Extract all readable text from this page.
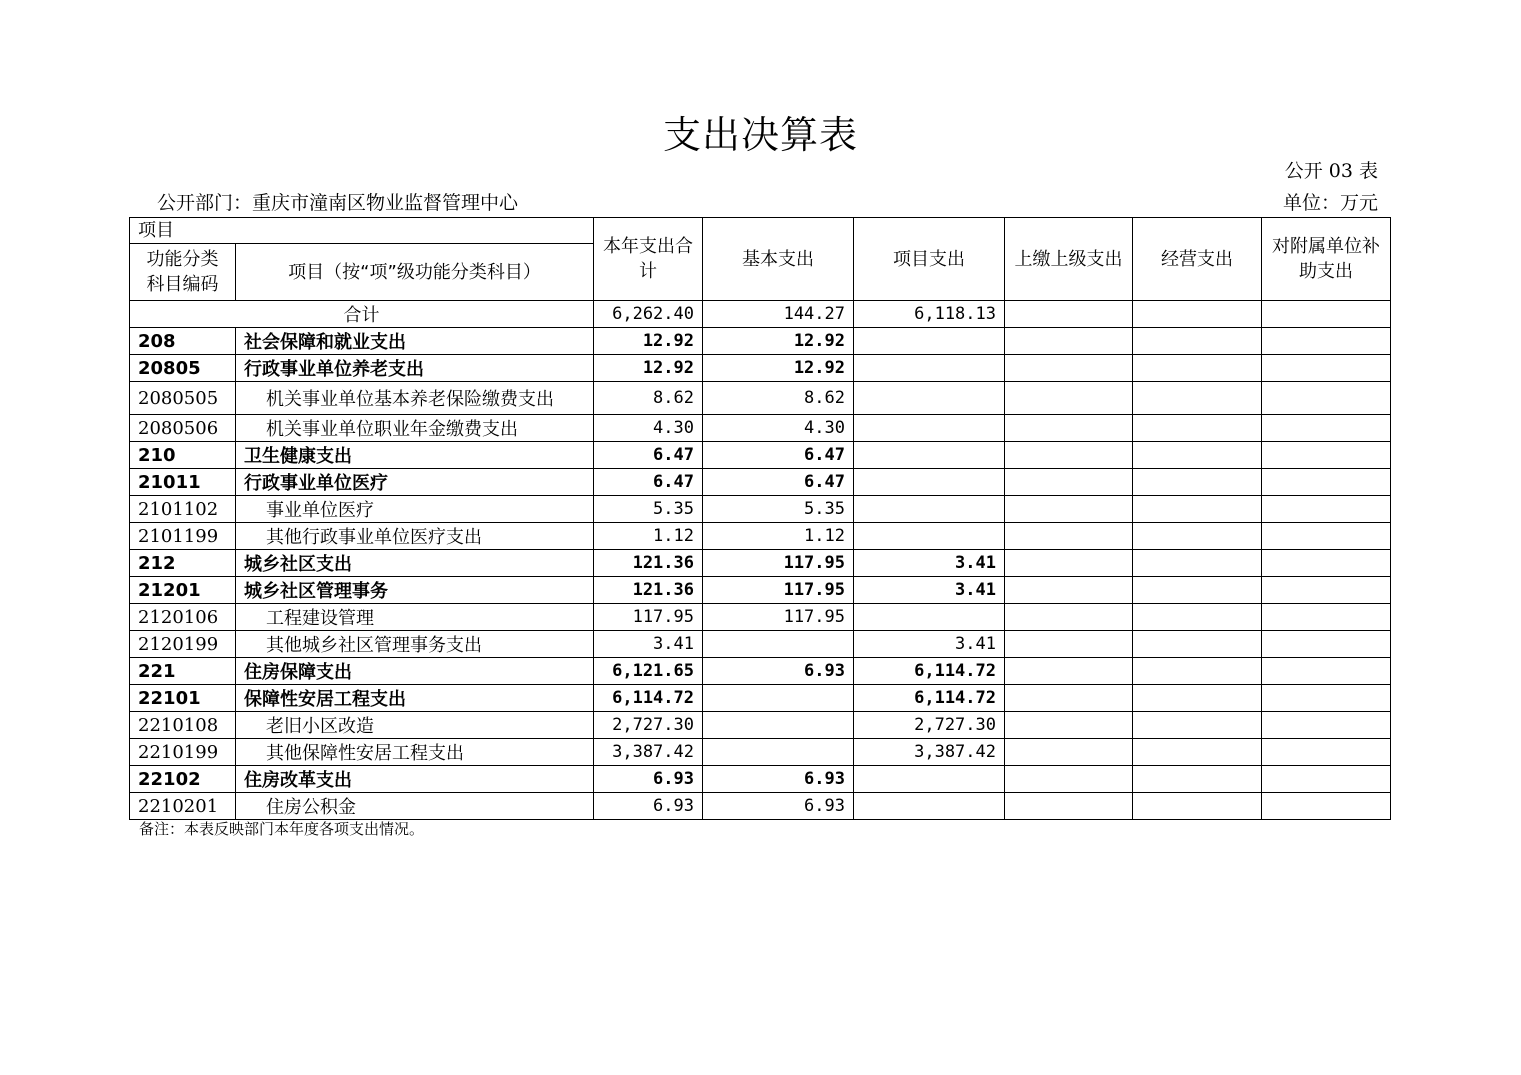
支出决算表
公开 03 表
公开部门：重庆市潼南区物业监督管理中心	单位：万元
项目		本年支出合计	基本支出	项目支出	上缴上级支出	经营支出	对附属单位补助支出
功能分类科目编码	项目（按“项”级功能分类科目）						
合计		6,262.40	144.27	6,118.13			
208	社会保障和就业支出	12.92	12.92				
20805	行政事业单位养老支出	12.92	12.92				
2080505	机关事业单位基本养老保险缴费支出	8.62	8.62				
2080506	机关事业单位职业年金缴费支出	4.30	4.30				
210	卫生健康支出	6.47	6.47				
21011	行政事业单位医疗	6.47	6.47				
2101102	事业单位医疗	5.35	5.35				
2101199	其他行政事业单位医疗支出	1.12	1.12				
212	城乡社区支出	121.36	117.95	3.41			
21201	城乡社区管理事务	121.36	117.95	3.41			
2120106	工程建设管理	117.95	117.95				
2120199	其他城乡社区管理事务支出	3.41		3.41			
221	住房保障支出	6,121.65	6.93	6,114.72			
22101	保障性安居工程支出	6,114.72		6,114.72			
2210108	老旧小区改造	2,727.30		2,727.30			
2210199	其他保障性安居工程支出	3,387.42		3,387.42			
22102	住房改革支出	6.93	6.93				
2210201	住房公积金	6.93	6.93				
备注：本表反映部门本年度各项支出情况。
